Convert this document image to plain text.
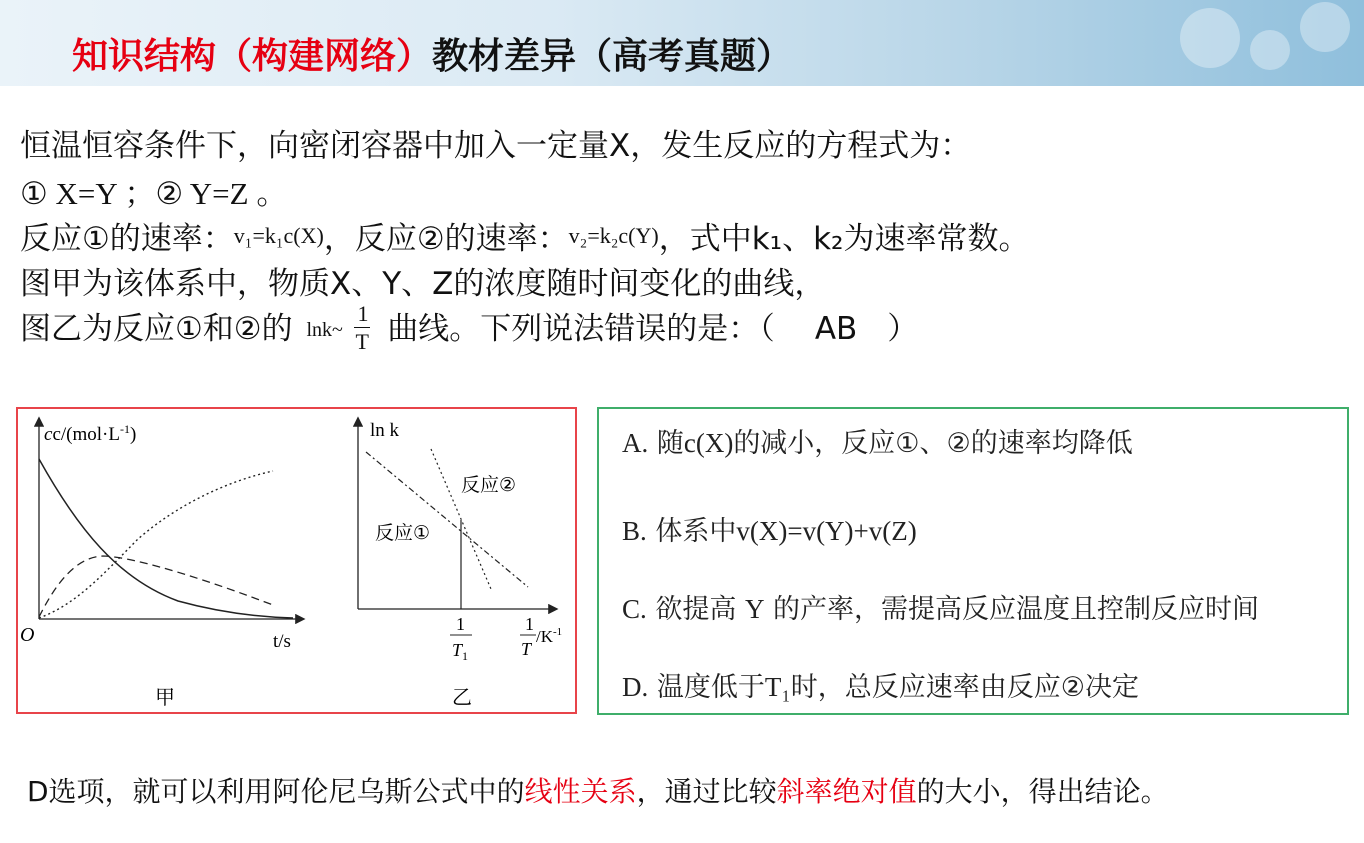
知识结构（构建网络）教材差异（高考真题）
恒温恒容条件下，向密闭容器中加入一定量X，发生反应的方程式为：
① X=Y ；② Y=Z 。
反应①的速率：v₁=k₁c(X)，反应②的速率：v₂=k₂c(Y)，式中k₁、k₂为速率常数。
图甲为该体系中，物质X、Y、Z的浓度随时间变化的曲线，
图乙为反应①和②的 lnk~
1
T 曲线。下列说法错误的是：（ AB ）
$cc/(mol\cdot L^{-1})$
O	t/s
甲
ln k
反应②
反应①
1
$T_1$
1
T
$/K^{-1}$
乙
A. 随c(X)的减小，反应①、②的速率均降低
B. 体系中v(X)=v(Y)+v(Z)
C. 欲提高 Y 的产率，需提高反应温度且控制反应时间
D. 温度低于T₁时，总反应速率由反应②决定
D选项，就可以利用阿伦尼乌斯公式中的线性关系，通过比较斜率绝对值的大小，得出结论。
